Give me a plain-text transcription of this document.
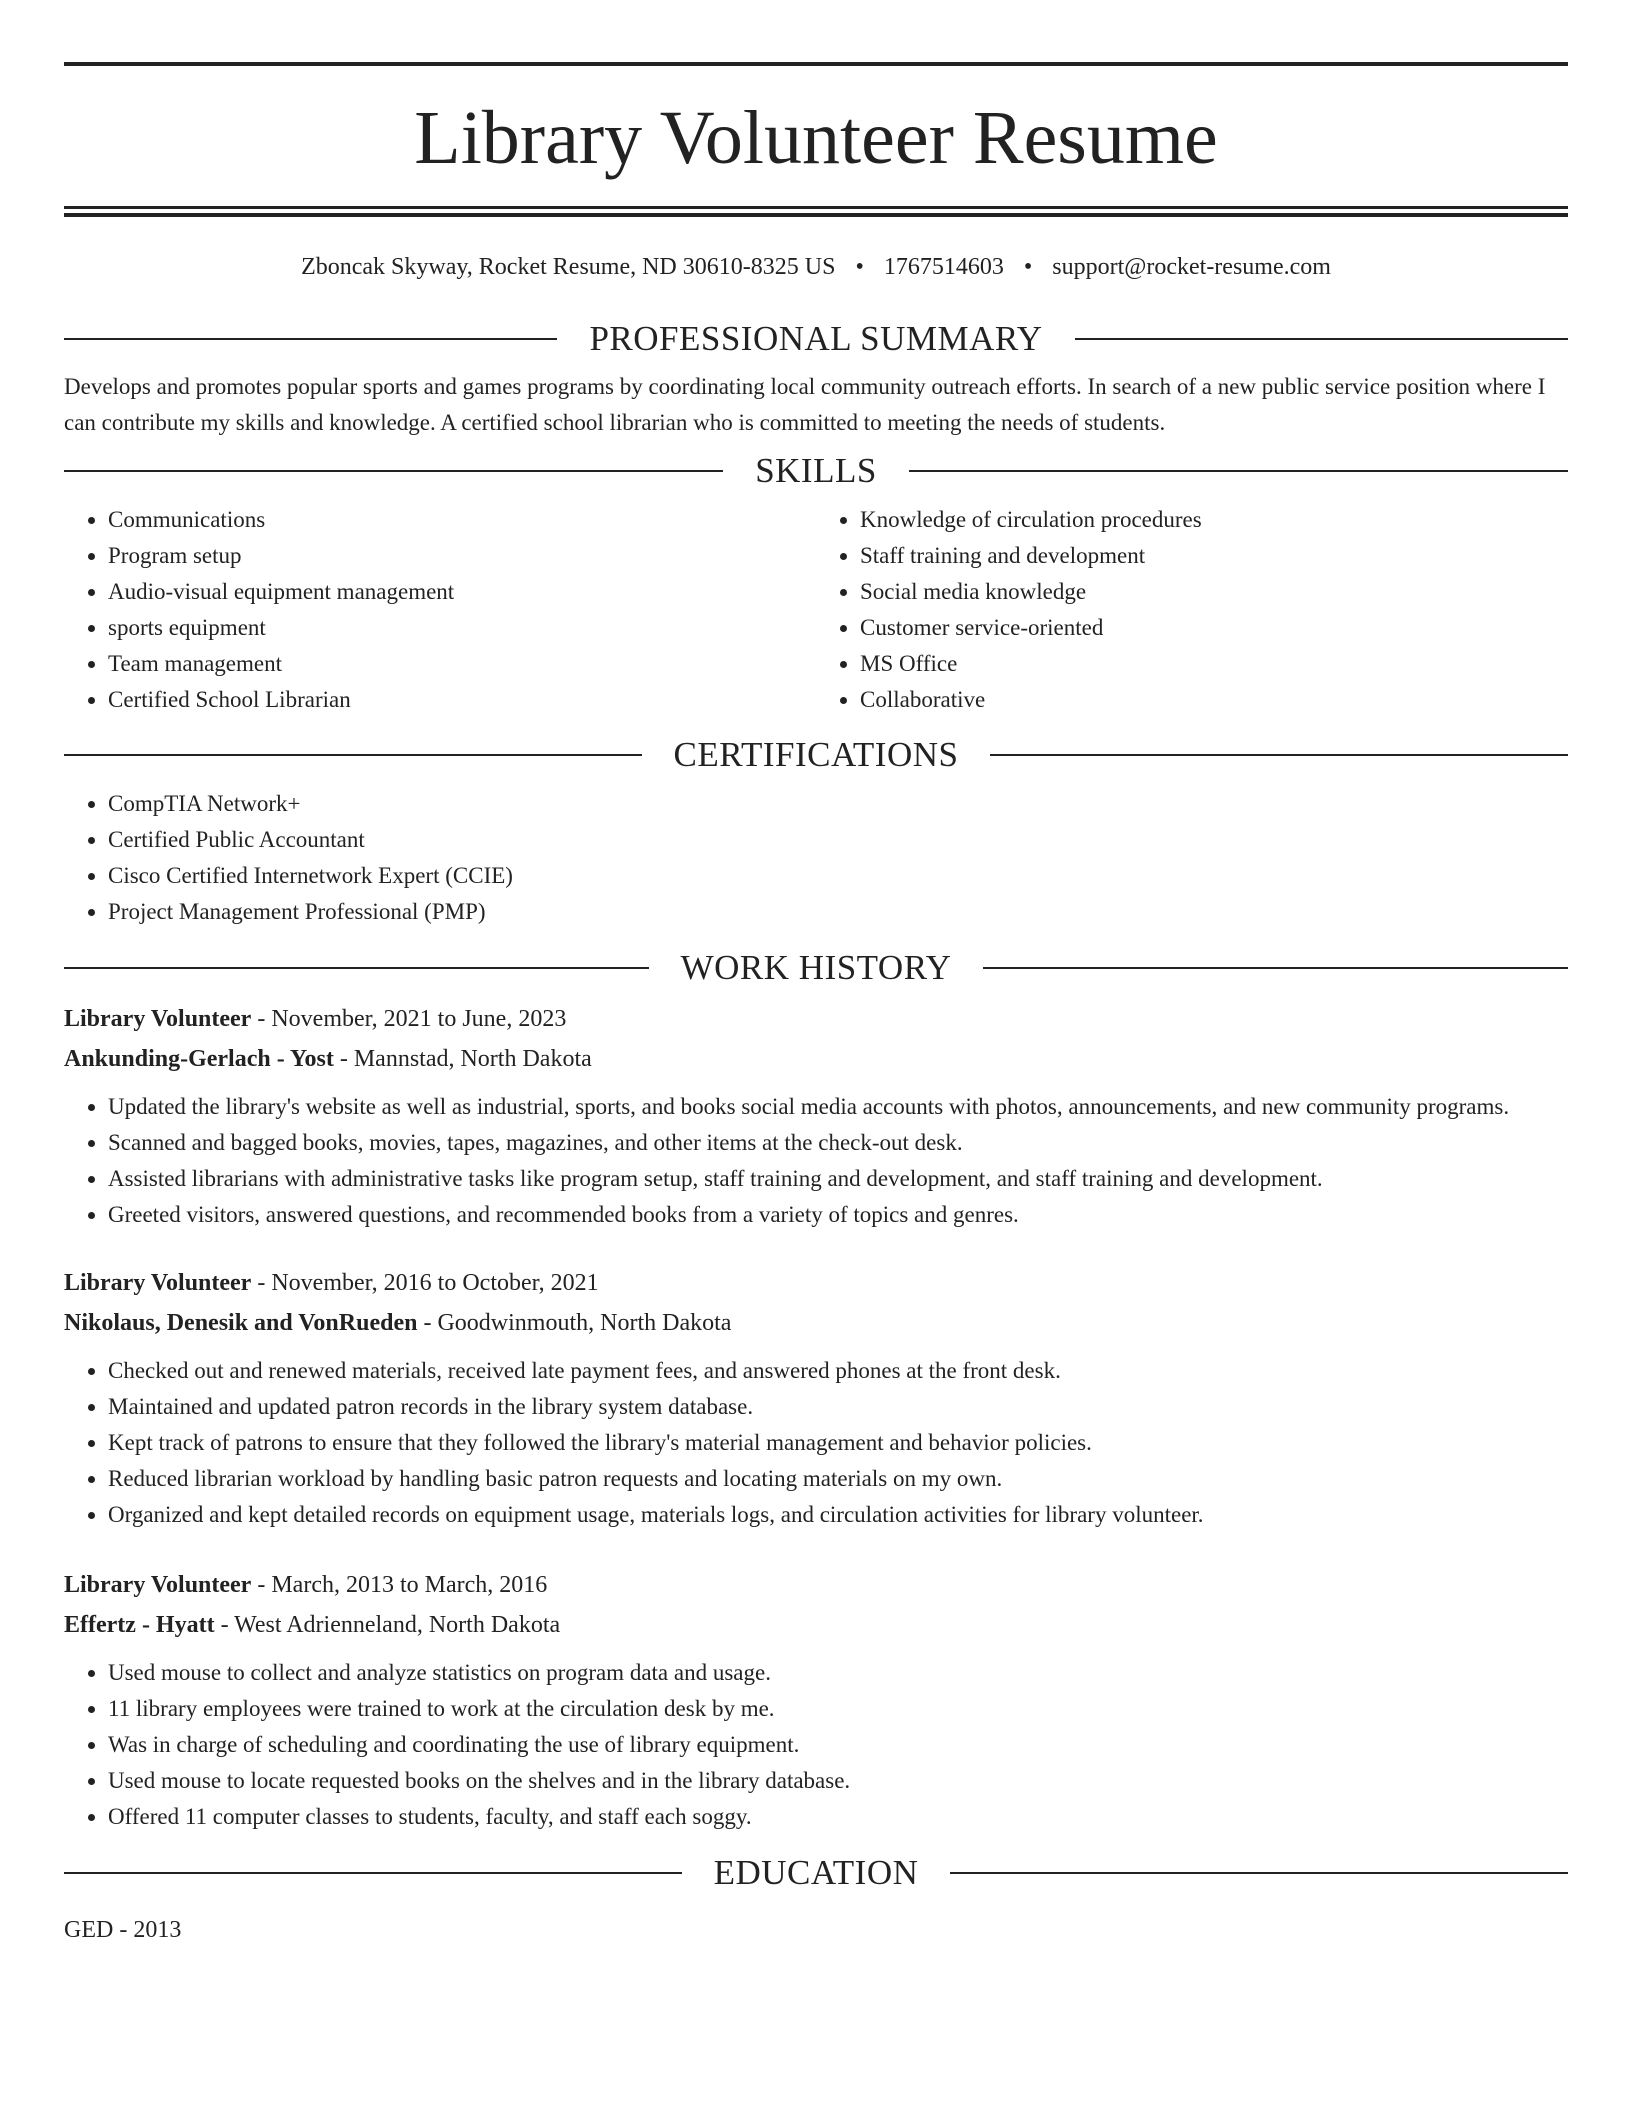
Library Volunteer Resume
Zboncak Skyway, Rocket Resume, ND 30610-8325 US • 1767514603 • support@rocket-resume.com
PROFESSIONAL SUMMARY
Develops and promotes popular sports and games programs by coordinating local community outreach efforts. In search of a new public service position where I can contribute my skills and knowledge. A certified school librarian who is committed to meeting the needs of students.
SKILLS
• Communications
• Program setup
• Audio-visual equipment management
• sports equipment
• Team management
• Certified School Librarian
• Knowledge of circulation procedures
• Staff training and development
• Social media knowledge
• Customer service-oriented
• MS Office
• Collaborative
CERTIFICATIONS
• CompTIA Network+
• Certified Public Accountant
• Cisco Certified Internetwork Expert (CCIE)
• Project Management Professional (PMP)
WORK HISTORY
Library Volunteer - November, 2021 to June, 2023
Ankunding-Gerlach - Yost - Mannstad, North Dakota
• Updated the library's website as well as industrial, sports, and books social media accounts with photos, announcements, and new community programs.
• Scanned and bagged books, movies, tapes, magazines, and other items at the check-out desk.
• Assisted librarians with administrative tasks like program setup, staff training and development, and staff training and development.
• Greeted visitors, answered questions, and recommended books from a variety of topics and genres.
Library Volunteer - November, 2016 to October, 2021
Nikolaus, Denesik and VonRueden - Goodwinmouth, North Dakota
• Checked out and renewed materials, received late payment fees, and answered phones at the front desk.
• Maintained and updated patron records in the library system database.
• Kept track of patrons to ensure that they followed the library's material management and behavior policies.
• Reduced librarian workload by handling basic patron requests and locating materials on my own.
• Organized and kept detailed records on equipment usage, materials logs, and circulation activities for library volunteer.
Library Volunteer - March, 2013 to March, 2016
Effertz - Hyatt - West Adrienneland, North Dakota
• Used mouse to collect and analyze statistics on program data and usage.
• 11 library employees were trained to work at the circulation desk by me.
• Was in charge of scheduling and coordinating the use of library equipment.
• Used mouse to locate requested books on the shelves and in the library database.
• Offered 11 computer classes to students, faculty, and staff each soggy.
EDUCATION
GED - 2013
